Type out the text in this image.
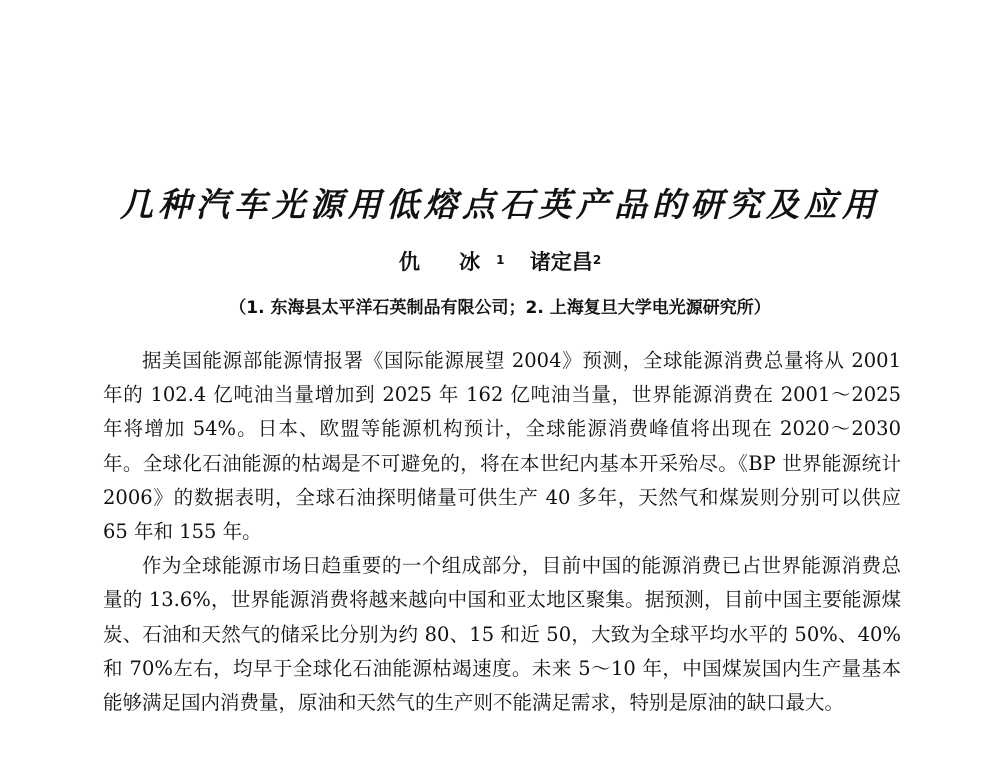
几种汽车光源用低熔点石英产品的研究及应用
仇 冰$^1$ 诸定昌$^2$
（1. 东海县太平洋石英制品有限公司；2. 上海复旦大学电光源研究所）

据美国能源部能源情报署《国际能源展望 2004》预测，全球能源消费总量将从 2001 年的 102.4 亿吨油当量增加到 2025 年 162 亿吨油当量，世界能源消费在 2001～2025 年将增加 54%。日本、欧盟等能源机构预计，全球能源消费峰值将出现在 2020～2030 年。全球化石油能源的枯竭是不可避免的，将在本世纪内基本开采殆尽。《BP 世界能源统计 2006》的数据表明，全球石油探明储量可供生产 40 多年，天然气和煤炭则分别可以供应 65 年和 155 年。

作为全球能源市场日趋重要的一个组成部分，目前中国的能源消费已占世界能源消费总量的 13.6%，世界能源消费将越来越向中国和亚太地区聚集。据预测，目前中国主要能源煤炭、石油和天然气的储采比分别为约 80、15 和近 50，大致为全球平均水平的 50%、40%和 70%左右，均早于全球化石油能源枯竭速度。未来 5～10 年，中国煤炭国内生产量基本能够满足国内消费量，原油和天然气的生产则不能满足需求，特别是原油的缺口最大。
